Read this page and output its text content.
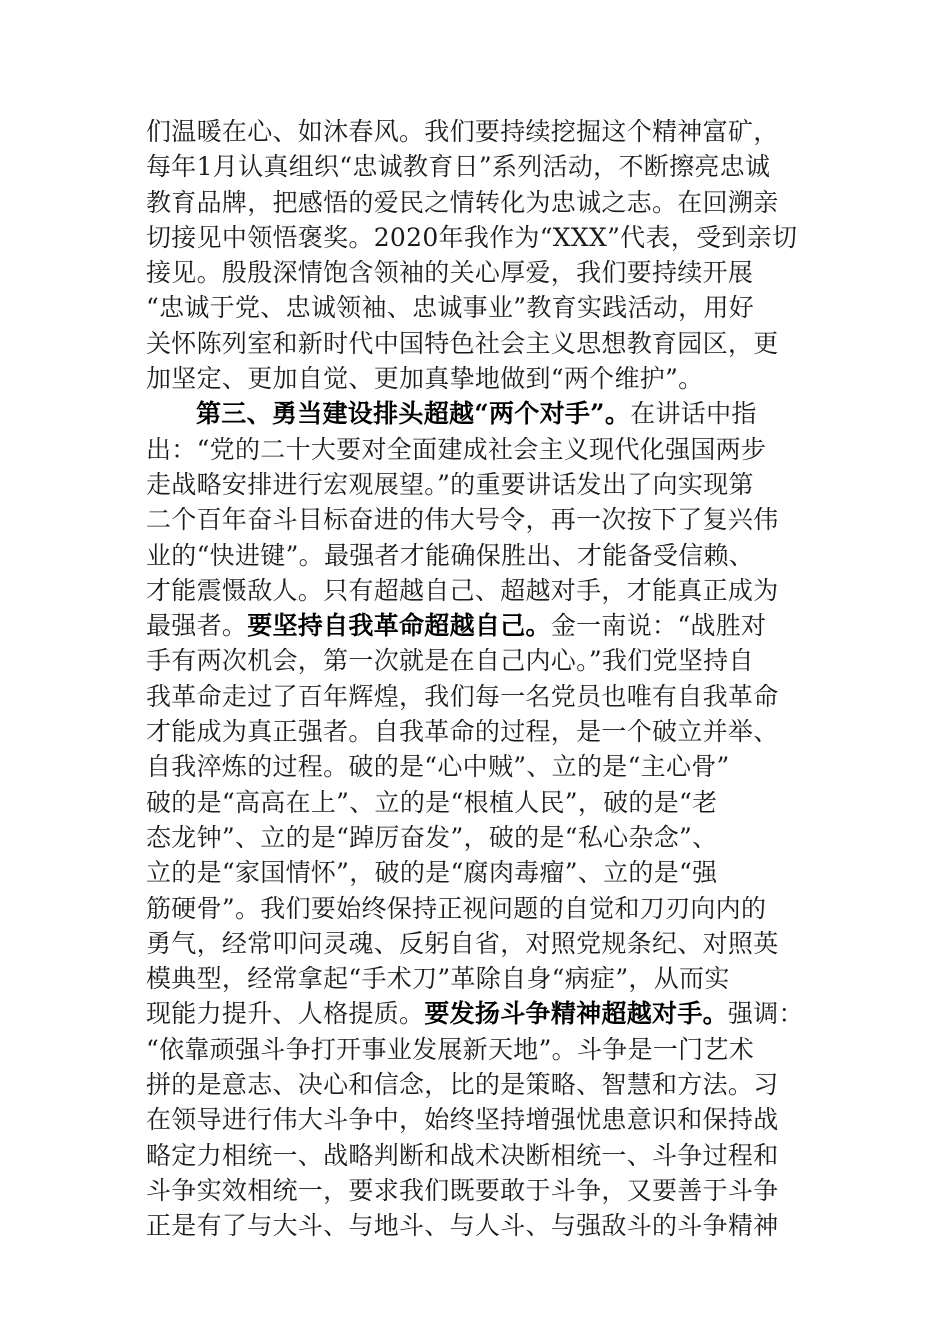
们温暖在心、如沐春风。我们要持续挖掘这个精神富矿，
每年1月认真组织“忠诚教育日”系列活动，不断擦亮忠诚
教育品牌，把感悟的爱民之情转化为忠诚之志。在回溯亲
切接见中领悟褒奖。2020年我作为“XXX”代表，受到亲切
接见。殷殷深情饱含领袖的关心厚爱，我们要持续开展
“忠诚于党、忠诚领袖、忠诚事业”教育实践活动，用好
关怀陈列室和新时代中国特色社会主义思想教育园区，更
加坚定、更加自觉、更加真挚地做到“两个维护”。
第三、勇当建设排头超越“两个对手”。在讲话中指
出：“党的二十大要对全面建成社会主义现代化强国两步
走战略安排进行宏观展望。”的重要讲话发出了向实现第
二个百年奋斗目标奋进的伟大号令，再一次按下了复兴伟
业的“快进键”。最强者才能确保胜出、才能备受信赖、
才能震慑敌人。只有超越自己、超越对手，才能真正成为
最强者。要坚持自我革命超越自己。金一南说：“战胜对
手有两次机会，第一次就是在自己内心。”我们党坚持自
我革命走过了百年辉煌，我们每一名党员也唯有自我革命
才能成为真正强者。自我革命的过程，是一个破立并举、
自我淬炼的过程。破的是“心中贼”、立的是“主心骨”
破的是“高高在上”、立的是“根植人民”，破的是“老
态龙钟”、立的是“踔厉奋发”，破的是“私心杂念”、
立的是“家国情怀”，破的是“腐肉毒瘤”、立的是“强
筋硬骨”。我们要始终保持正视问题的自觉和刀刃向内的
勇气，经常叩问灵魂、反躬自省，对照党规条纪、对照英
模典型，经常拿起“手术刀”革除自身“病症”，从而实
现能力提升、人格提质。要发扬斗争精神超越对手。强调：
“依靠顽强斗争打开事业发展新天地”。斗争是一门艺术
拼的是意志、决心和信念，比的是策略、智慧和方法。习
在领导进行伟大斗争中，始终坚持增强忧患意识和保持战
略定力相统一、战略判断和战术决断相统一、斗争过程和
斗争实效相统一，要求我们既要敢于斗争，又要善于斗争
正是有了与大斗、与地斗、与人斗、与强敌斗的斗争精神
